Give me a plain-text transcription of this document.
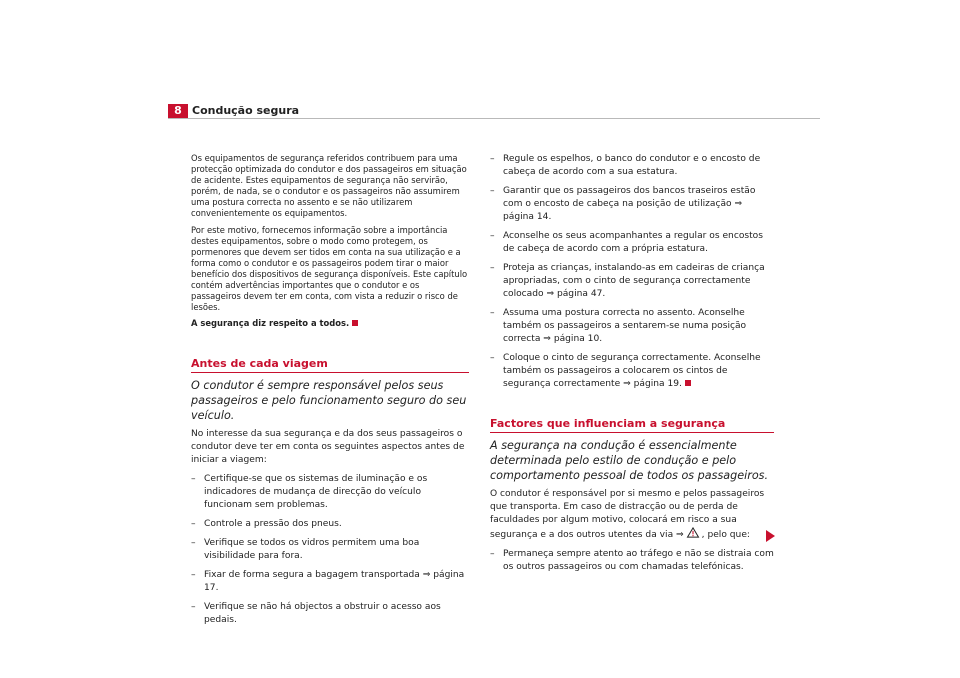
8 Condução segura

Os equipamentos de segurança referidos contribuem para uma protecção optimizada do condutor e dos passageiros em situação de acidente. Estes equipamentos de segurança não servirão, porém, de nada, se o condutor e os passageiros não assumirem uma postura correcta no assento e se não utilizarem convenientemente os equipamentos.

Por este motivo, fornecemos informação sobre a importância destes equipamentos, sobre o modo como protegem, os pormenores que devem ser tidos em conta na sua utilização e a forma como o condutor e os passageiros podem tirar o maior benefício dos dispositivos de segurança disponíveis. Este capítulo contém advertências importantes que o condutor e os passageiros devem ter em conta, com vista a reduzir o risco de lesões.

A segurança diz respeito a todos.

Antes de cada viagem

O condutor é sempre responsável pelos seus passageiros e pelo funcionamento seguro do seu veículo.

No interesse da sua segurança e da dos seus passageiros o condutor deve ter em conta os seguintes aspectos antes de iniciar a viagem:

– Certifique-se que os sistemas de iluminação e os indicadores de mudança de direcção do veículo funcionam sem problemas.
– Controle a pressão dos pneus.
– Verifique se todos os vidros permitem uma boa visibilidade para fora.
– Fixar de forma segura a bagagem transportada ⇒ página 17.
– Verifique se não há objectos a obstruir o acesso aos pedais.
– Regule os espelhos, o banco do condutor e o encosto de cabeça de acordo com a sua estatura.
– Garantir que os passageiros dos bancos traseiros estão com o encosto de cabeça na posição de utilização ⇒ página 14.
– Aconselhe os seus acompanhantes a regular os encostos de cabeça de acordo com a própria estatura.
– Proteja as crianças, instalando-as em cadeiras de criança apropriadas, com o cinto de segurança correctamente colocado ⇒ página 47.
– Assuma uma postura correcta no assento. Aconselhe também os passageiros a sentarem-se numa posição correcta ⇒ página 10.
– Coloque o cinto de segurança correctamente. Aconselhe também os passageiros a colocarem os cintos de segurança correctamente ⇒ página 19.
Factores que influenciam a segurança

A segurança na condução é essencialmente determinada pelo estilo de condução e pelo comportamento pessoal de todos os passageiros.

O condutor é responsável por si mesmo e pelos passageiros que transporta. Em caso de distracção ou de perda de faculdades por algum motivo, colocará em risco a sua segurança e a dos outros utentes da via ⇒ , pelo que:

– Permaneça sempre atento ao tráfego e não se distraia com os outros passageiros ou com chamadas telefónicas.
